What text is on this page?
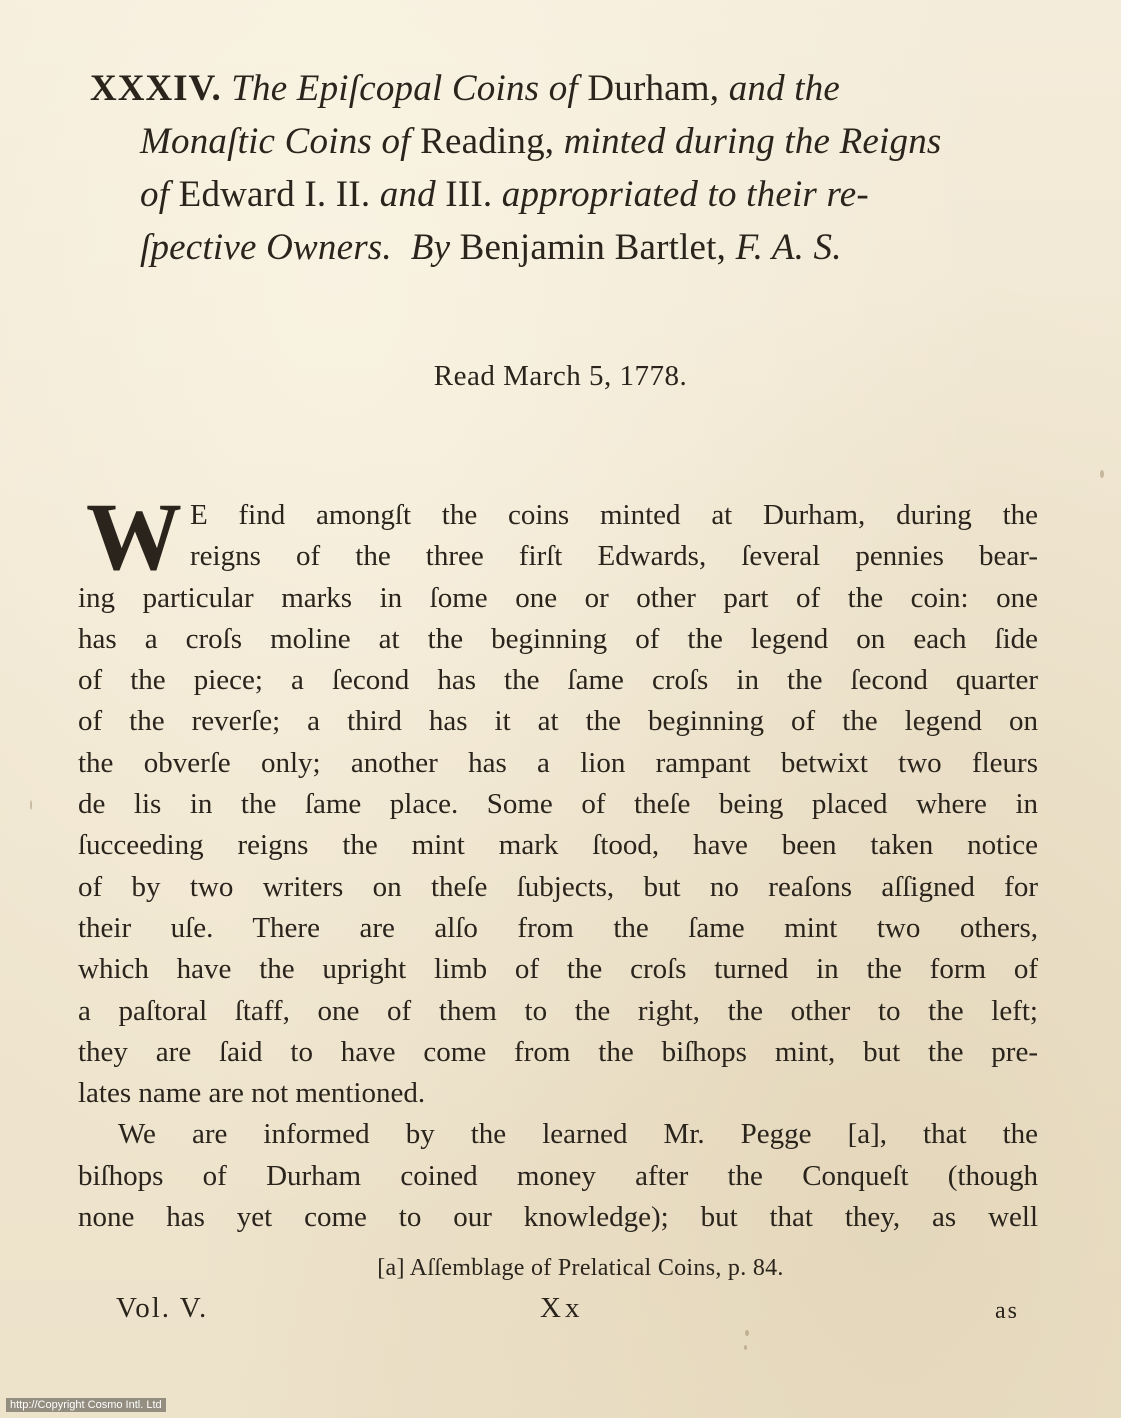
XXXIV. The Epiſcopal Coins of Durham, and the
Monaſtic Coins of Reading, minted during the Reigns
of Edward I. II. and III. appropriated to their re-
ſpective Owners. By Benjamin Bartlet, F. A. S.
Read March 5, 1778.

W E find amongſt the coins minted at Durham, during the
reigns of the three firſt Edwards, ſeveral pennies bear-
ing particular marks in ſome one or other part of the coin: one
has a croſs moline at the beginning of the legend on each ſide
of the piece; a ſecond has the ſame croſs in the ſecond quarter
of the reverſe; a third has it at the beginning of the legend on
the obverſe only; another has a lion rampant betwixt two fleurs
de lis in the ſame place. Some of theſe being placed where in
ſucceeding reigns the mint mark ſtood, have been taken notice
of by two writers on theſe ſubjects, but no reaſons aſſigned for
their uſe. There are alſo from the ſame mint two others,
which have the upright limb of the croſs turned in the form of
a paſtoral ſtaff, one of them to the right, the other to the left;
they are ſaid to have come from the biſhops mint, but the pre-
lates name are not mentioned.

We are informed by the learned Mr. Pegge [a], that the
biſhops of Durham coined money after the Conqueſt (though
none has yet come to our knowledge); but that they, as well

[a] Aſſemblage of Prelatical Coins, p. 84.
Vol. V.	Xx	as
http://Copyright Cosmo Intl. Ltd
